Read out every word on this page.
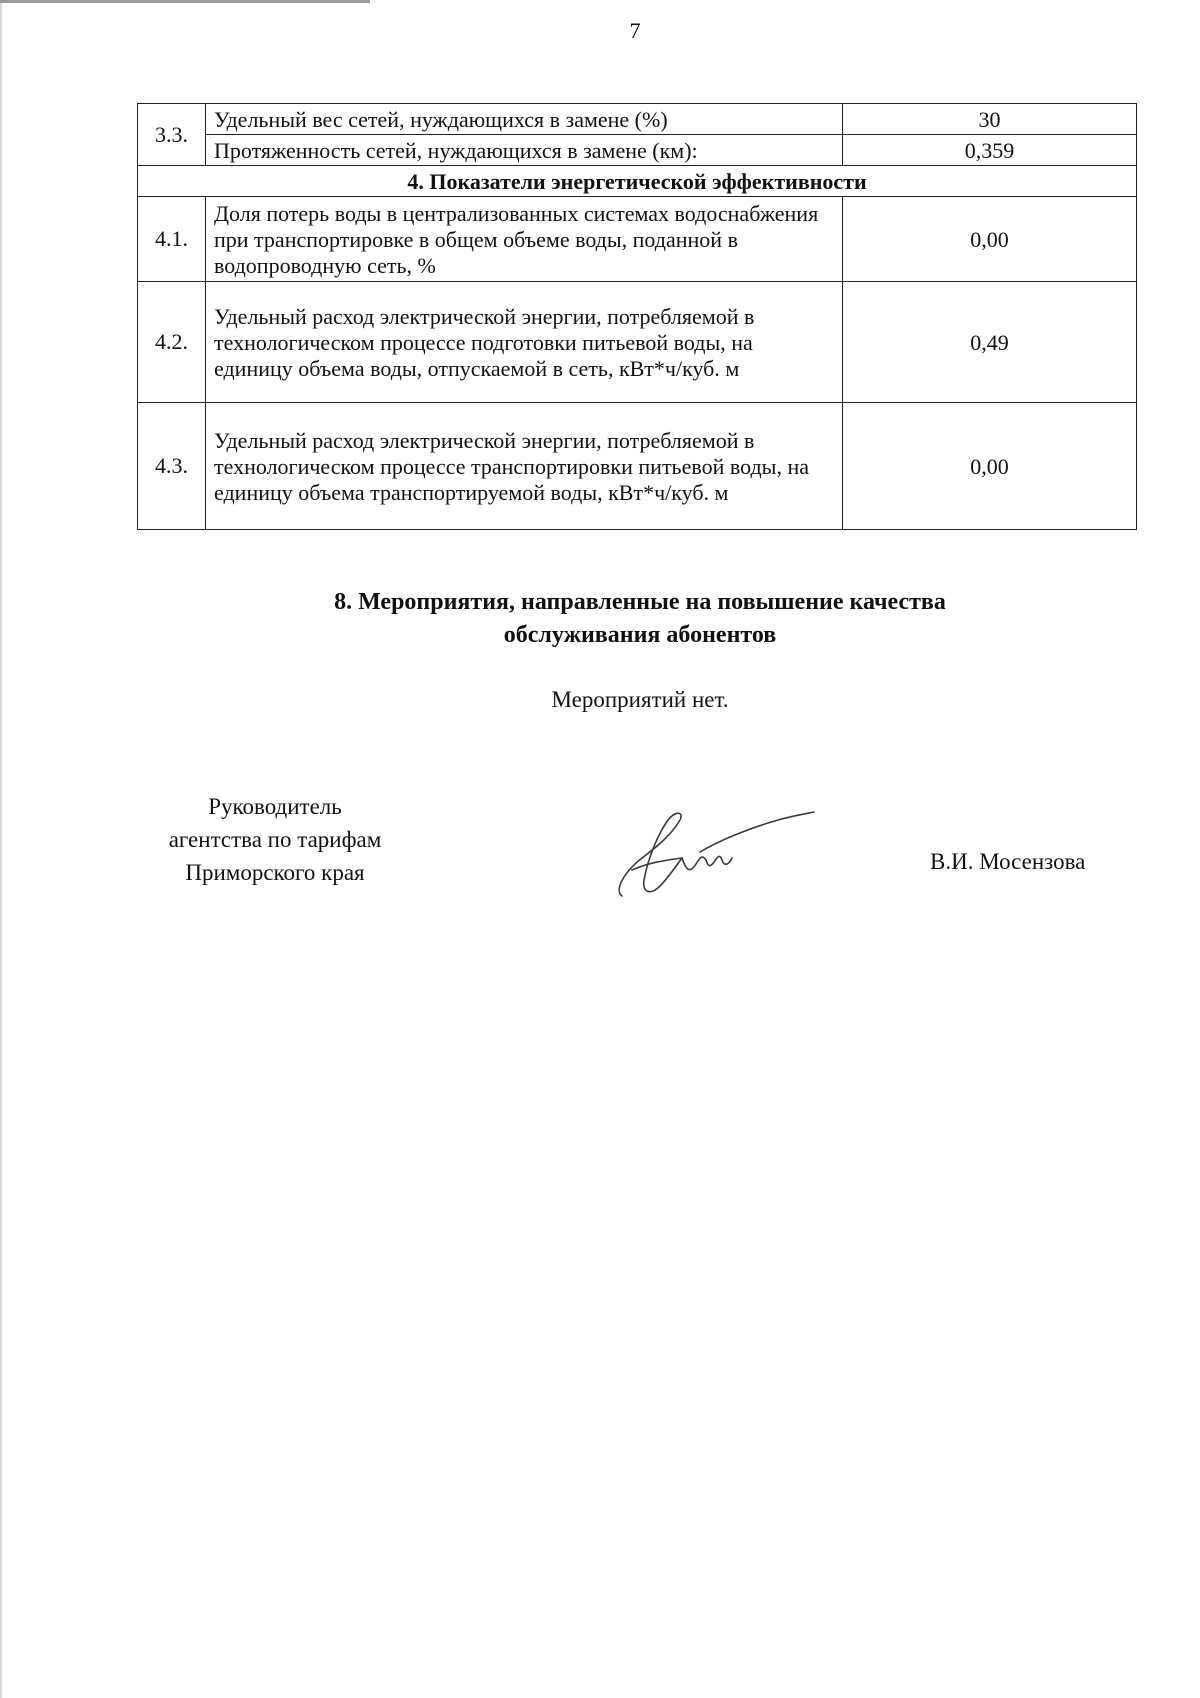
7
3.3.	Удельный вес сетей, нуждающихся в замене (%)	30
	Протяженность сетей, нуждающихся в замене (км):	0,359
4. Показатели энергетической эффективности		
4.1.	Доля потерь воды в централизованных системах водоснабжения при транспортировке в общем объеме воды, поданной в водопроводную сеть, %	0,00
4.2.	Удельный расход электрической энергии, потребляемой в технологическом процессе подготовки питьевой воды, на единицу объема воды, отпускаемой в сеть, кВт*ч/куб. м	0,49
4.3.	Удельный расход электрической энергии, потребляемой в технологическом процессе транспортировки питьевой воды, на единицу объема транспортируемой воды, кВт*ч/куб. м	0,00
8. Мероприятия, направленные на повышение качества
обслуживания абонентов
Мероприятий нет.
Руководитель
агентства по тарифам
Приморского края	В.И. Мосензова
